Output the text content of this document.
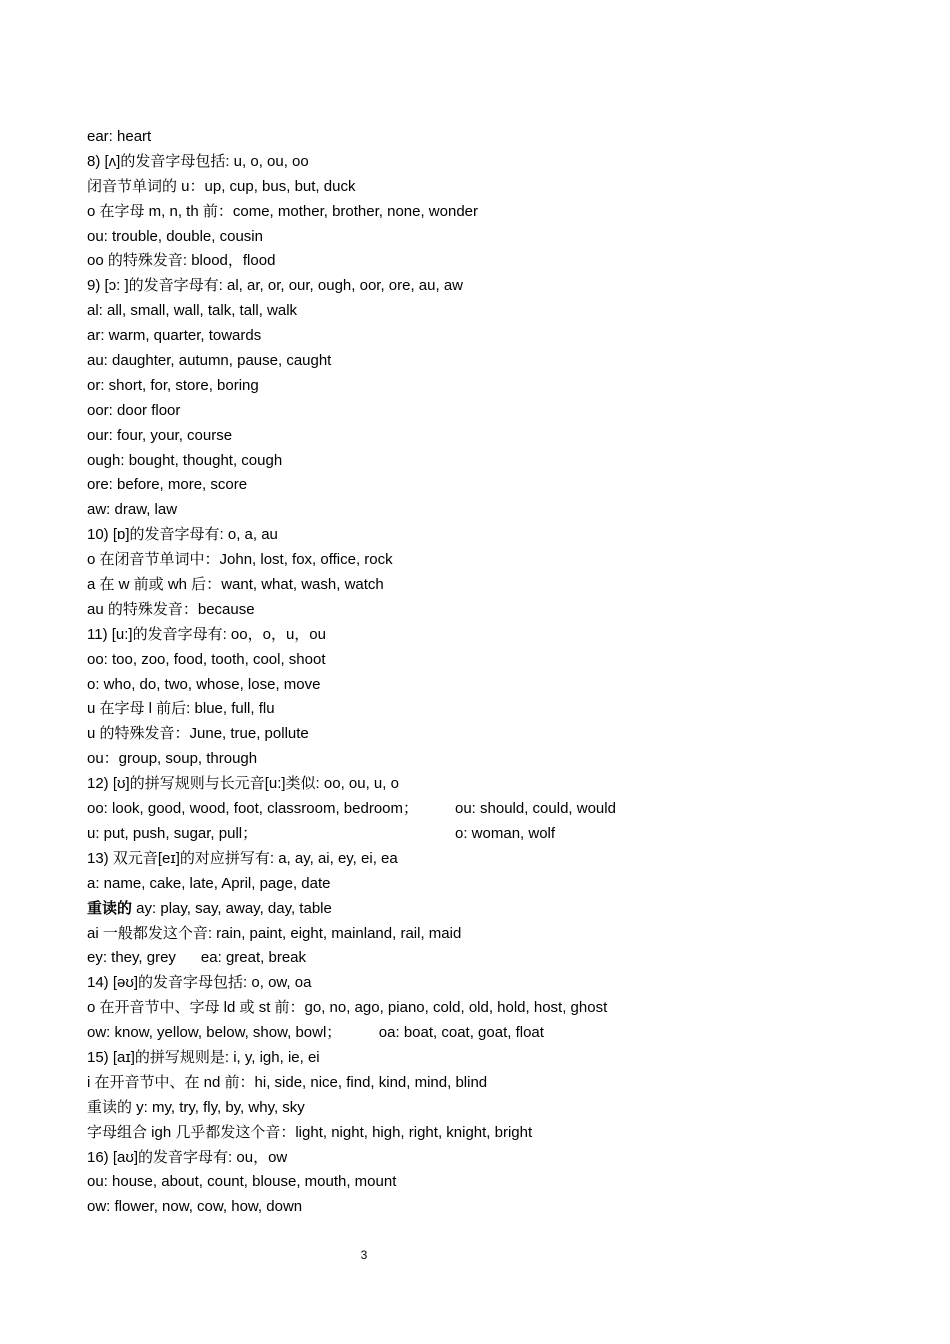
ear: heart
8) [ʌ]的发音字母包括: u, o, ou, oo
闭音节单词的 u：up, cup, bus, but, duck
o 在字母 m, n, th 前：come, mother, brother, none, wonder
ou: trouble, double, cousin
oo 的特殊发音: blood，flood
9) [ɔ: ]的发音字母有: al, ar, or, our, ough, oor, ore, au, aw
al: all, small, wall, talk, tall, walk
ar: warm, quarter, towards
au: daughter, autumn, pause, caught
or: short, for, store, boring
oor: door floor
our: four, your, course
ough: bought, thought, cough
ore: before, more, score
aw: draw, law
10) [ɒ]的发音字母有: o, a, au
o 在闭音节单词中：John, lost, fox, office, rock
a 在 w 前或 wh 后：want, what, wash, watch
au 的特殊发音：because
11) [u:]的发音字母有: oo，o，u，ou
oo: too, zoo, food, tooth, cool, shoot
o: who, do, two, whose, lose, move
u 在字母 l 前后: blue, full, flu
u 的特殊发音：June, true, pollute
ou：group, soup, through
12) [ʊ]的拼写规则与长元音[u:]类似: oo, ou, u, o
oo: look, good, wood, foot, classroom, bedroom； ou: should, could, would
u: put, push, sugar, pull；	o: woman, wolf
13) 双元音[eɪ]的对应拼写有: a, ay, ai, ey, ei, ea
a: name, cake, late, April, page, date
重读的 ay: play, say, away, day, table
ai 一般都发这个音: rain, paint, eight, mainland, rail, maid
ey: they, grey      ea: great, break
14) [əʊ]的发音字母包括: o, ow, oa
o 在开音节中、字母 ld 或 st 前：go, no, ago, piano, cold, old, hold, host, ghost
ow: know, yellow, below, show, bowl；         oa: boat, coat, goat, float
15) [aɪ]的拼写规则是: i, y, igh, ie, ei
i 在开音节中、在 nd 前：hi, side, nice, find, kind, mind, blind
重读的 y: my, try, fly, by, why, sky
字母组合 igh 几乎都发这个音：light, night, high, right, knight, bright
16) [aʊ]的发音字母有: ou，ow
ou: house, about, count, blouse, mouth, mount
ow: flower, now, cow, how, down
3
